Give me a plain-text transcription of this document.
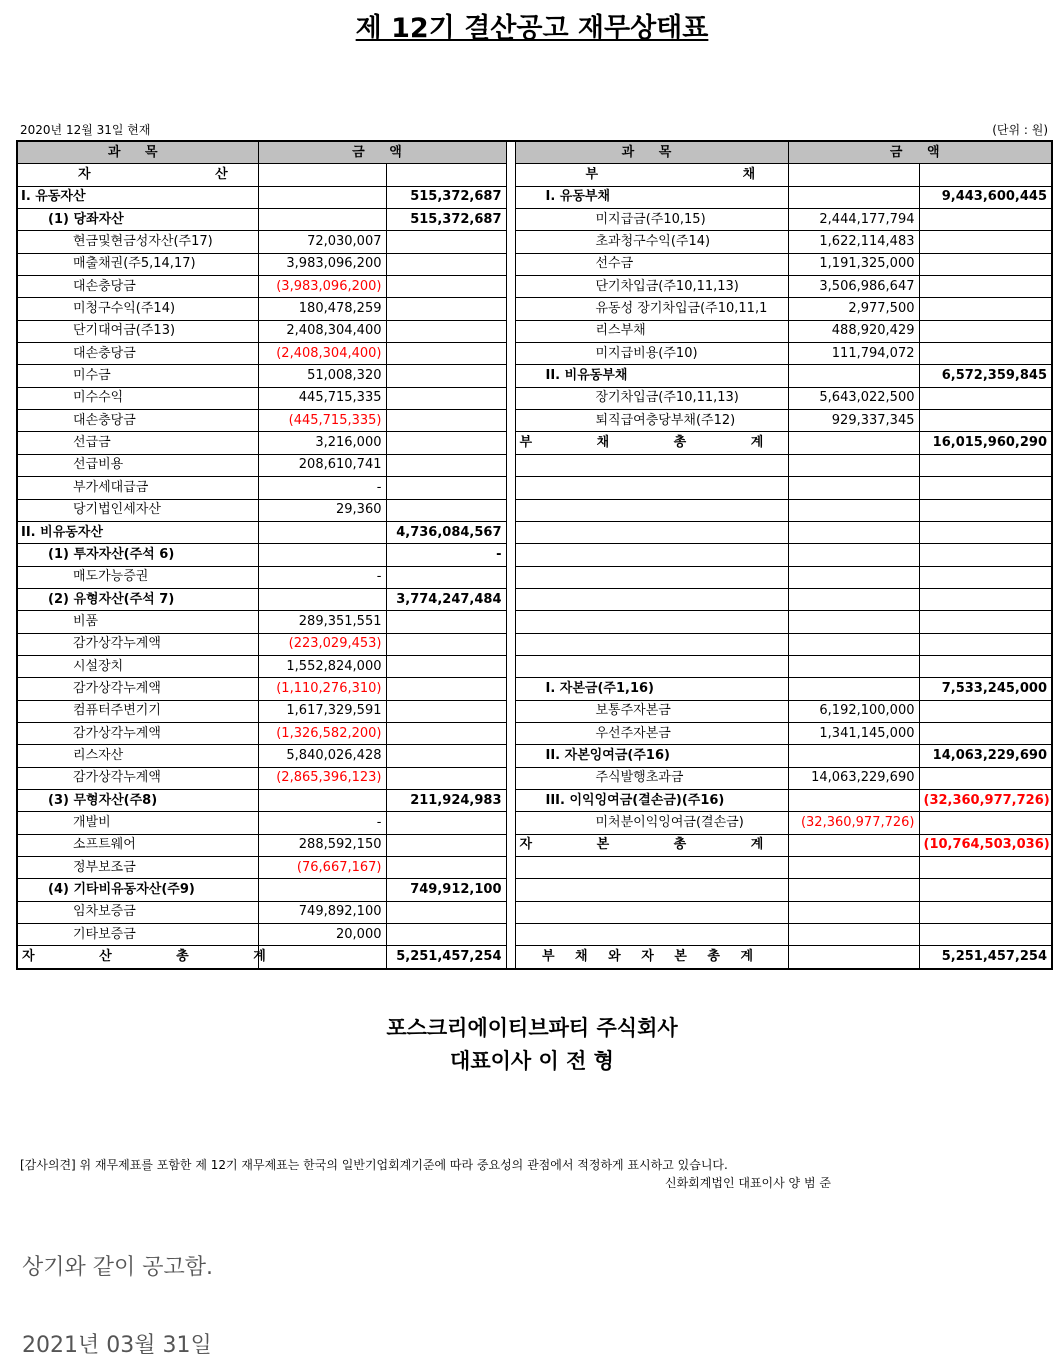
제 12기 결산공고 재무상태표
2020년 12월 31일 현재	(단위 : 원)
과 목	금 액			과 목	금 액	
자 산				부 채		
I. 유동자산		515,372,687		I. 유동부채		9,443,600,445
(1) 당좌자산		515,372,687		미지급금(주10,15)	2,444,177,794	
현금및현금성자산(주17)	72,030,007			초과청구수익(주14)	1,622,114,483	
매출채권(주5,14,17)	3,983,096,200			선수금	1,191,325,000	
대손충당금	(3,983,096,200)			단기차입금(주10,11,13)	3,506,986,647	
미청구수익(주14)	180,478,259			유동성 장기차입금(주10,11,1	2,977,500	
단기대여금(주13)	2,408,304,400			리스부채	488,920,429	
대손충당금	(2,408,304,400)			미지급비용(주10)	111,794,072	
미수금	51,008,320			II. 비유동부채		6,572,359,845
미수수익	445,715,335			장기차입금(주10,11,13)	5,643,022,500	
대손충당금	(445,715,335)			퇴직급여충당부채(주12)	929,337,345	
선급금	3,216,000			부 채 총 계		16,015,960,290
선급비용	208,610,741					
부가세대급금	-					
당기법인세자산	29,360					
II. 비유동자산		4,736,084,567				
(1) 투자자산(주석 6)		-				
매도가능증권	-					
(2) 유형자산(주석 7)		3,774,247,484				
비품	289,351,551					
감가상각누계액	(223,029,453)					
시설장치	1,552,824,000					
감가상각누계액	(1,110,276,310)			I. 자본금(주1,16)		7,533,245,000
컴퓨터주변기기	1,617,329,591			보통주자본금	6,192,100,000	
감가상각누계액	(1,326,582,200)			우선주자본금	1,341,145,000	
리스자산	5,840,026,428			II. 자본잉여금(주16)		14,063,229,690
감가상각누계액	(2,865,396,123)			주식발행초과금	14,063,229,690	
(3) 무형자산(주8)		211,924,983		III. 이익잉여금(결손금)(주16)		(32,360,977,726)
개발비	-			미처분이익잉여금(결손금)	(32,360,977,726)	
소프트웨어	288,592,150			자 본 총 계		(10,764,503,036)
정부보조금	(76,667,167)					
(4) 기타비유동자산(주9)		749,912,100				
임차보증금	749,892,100					
기타보증금	20,000					
자 산 총 계		5,251,457,254		부 채 와 자 본 총 계		5,251,457,254
포스크리에이티브파티 주식회사
대표이사 이 전 형
[감사의견] 위 재무제표를 포함한 제 12기 재무제표는 한국의 일반기업회계기준에 따라 중요성의 관점에서 적정하게 표시하고 있습니다.
신화회계법인 대표이사 양 범 준
상기와 같이 공고함.
2021년 03월 31일
